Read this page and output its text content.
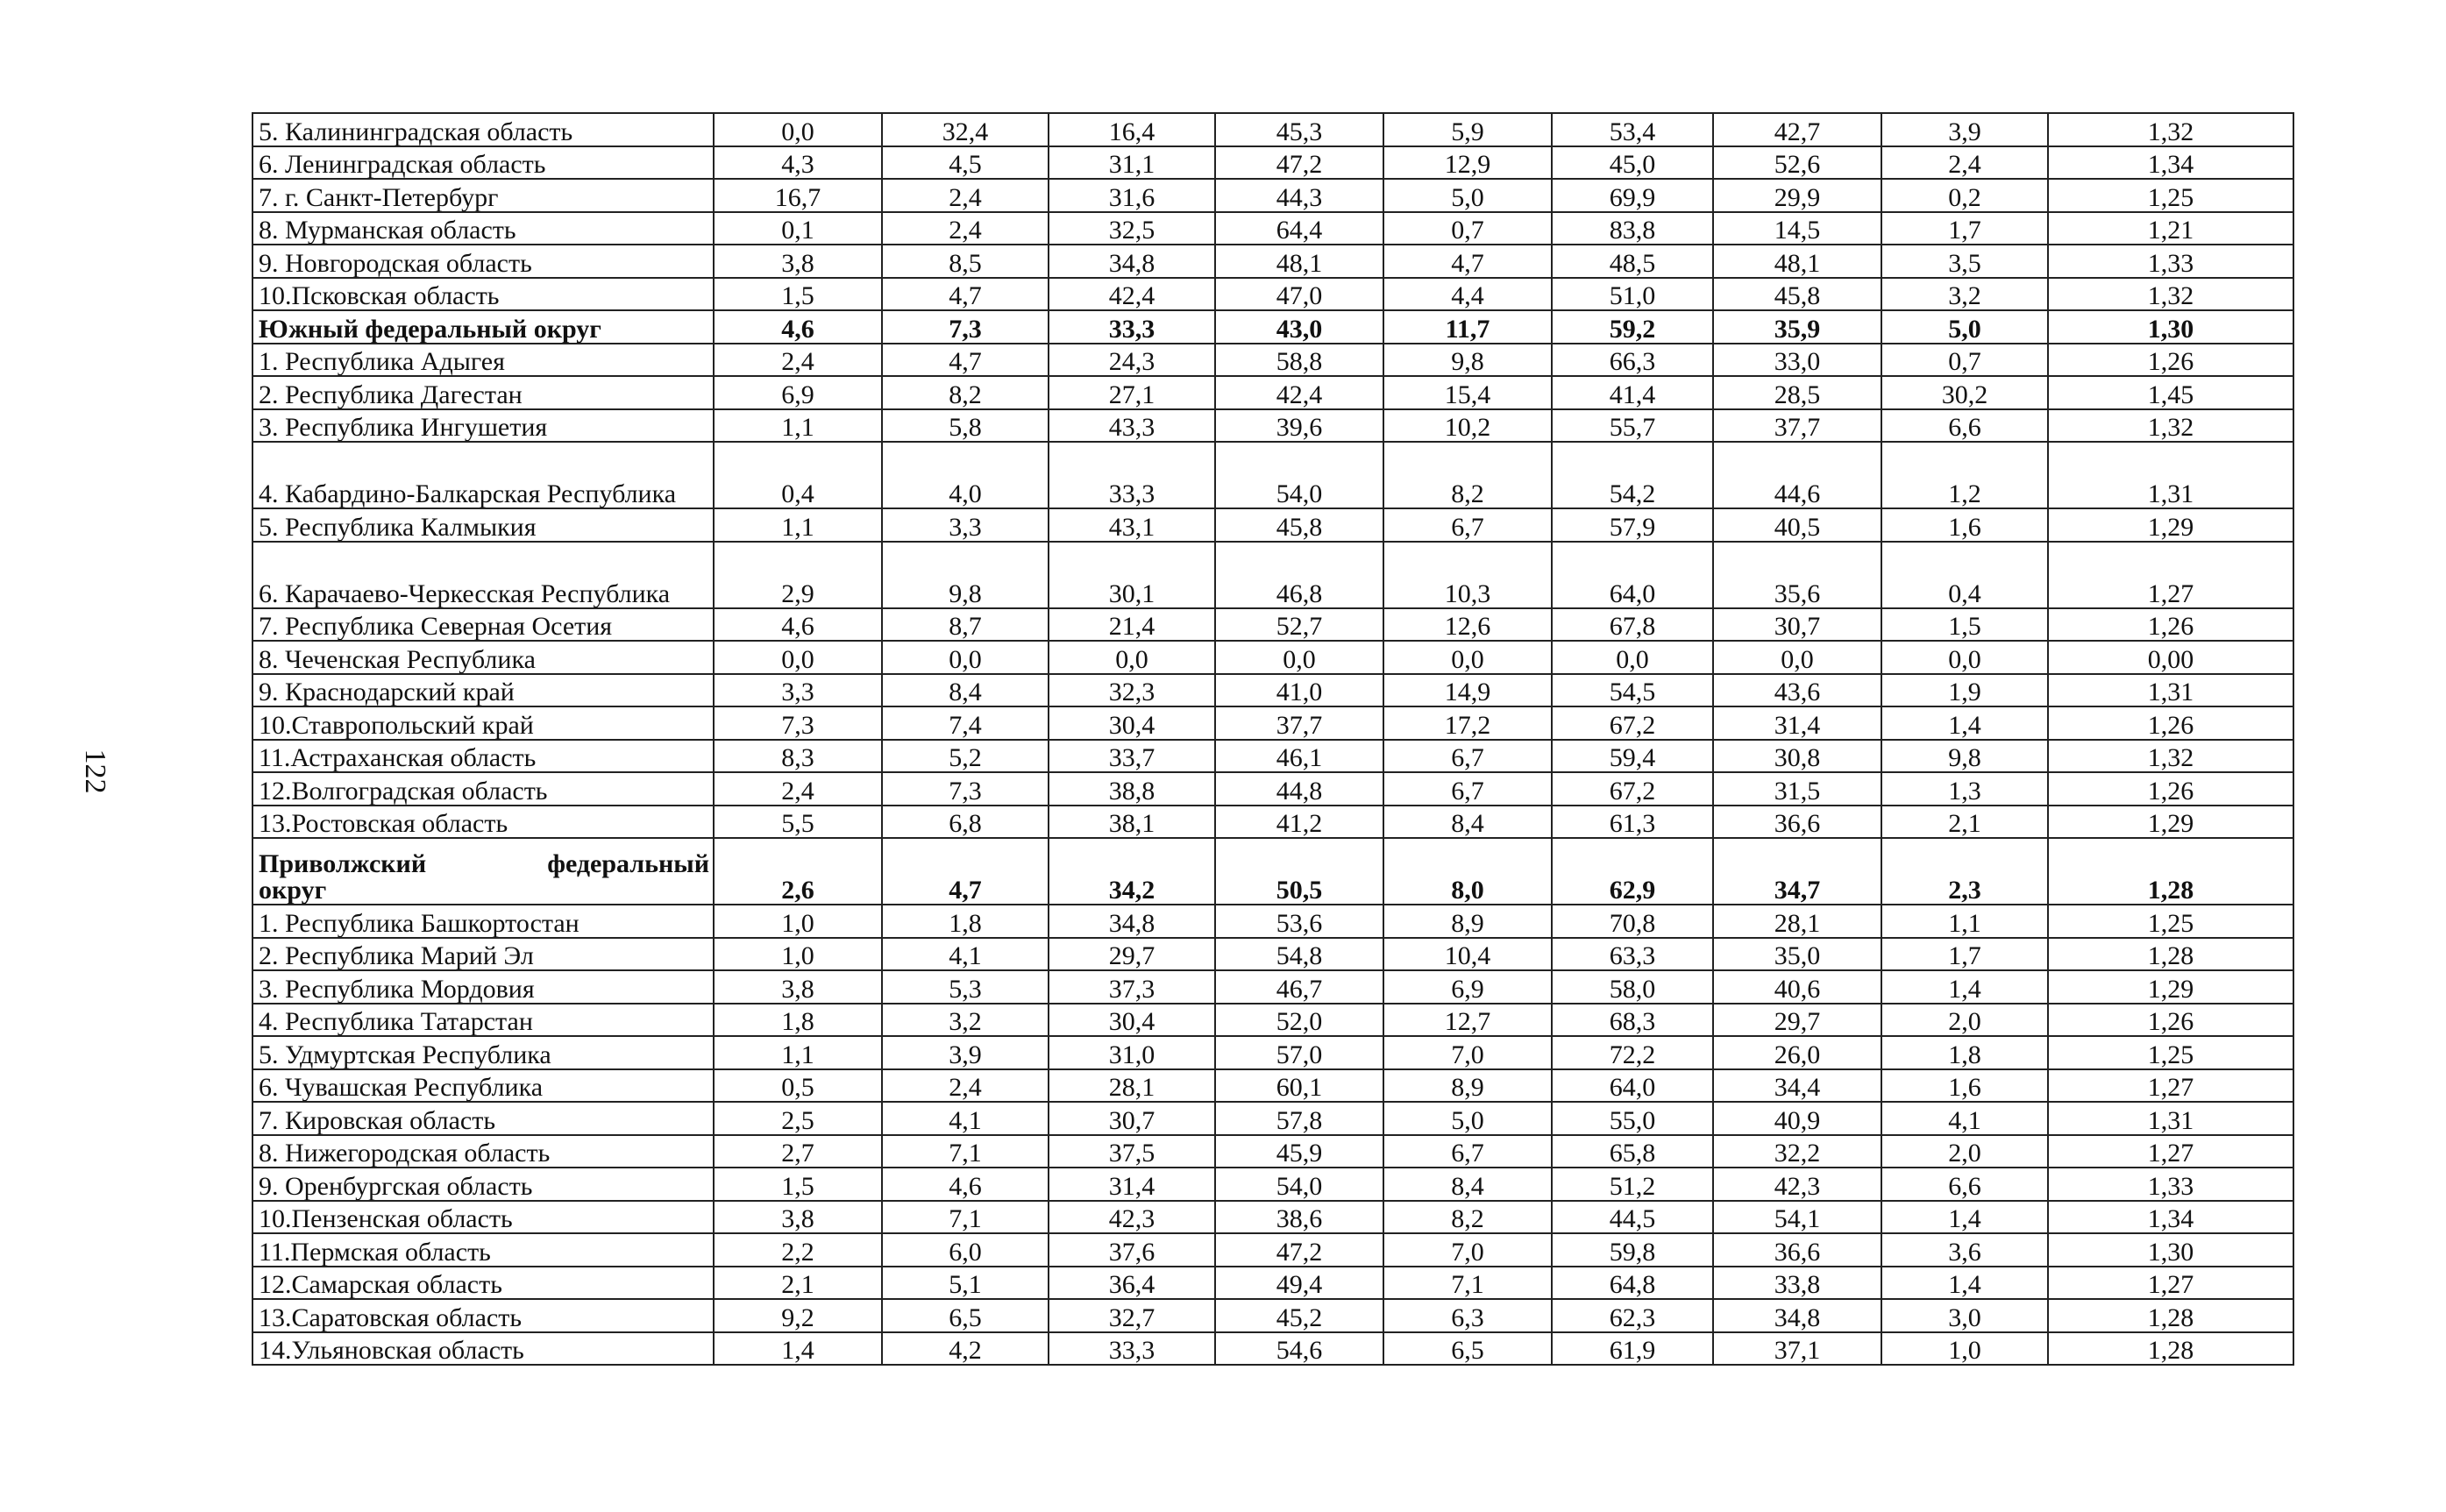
122
5. Калининградская область	0,0	32,4	16,4	45,3	5,9	53,4	42,7	3,9	1,32
6. Ленинградская область	4,3	4,5	31,1	47,2	12,9	45,0	52,6	2,4	1,34
7. г. Санкт-Петербург	16,7	2,4	31,6	44,3	5,0	69,9	29,9	0,2	1,25
8. Мурманская область	0,1	2,4	32,5	64,4	0,7	83,8	14,5	1,7	1,21
9. Новгородская область	3,8	8,5	34,8	48,1	4,7	48,5	48,1	3,5	1,33
10.Псковская область	1,5	4,7	42,4	47,0	4,4	51,0	45,8	3,2	1,32
Южный федеральный округ	4,6	7,3	33,3	43,0	11,7	59,2	35,9	5,0	1,30
1. Республика Адыгея	2,4	4,7	24,3	58,8	9,8	66,3	33,0	0,7	1,26
2. Республика Дагестан	6,9	8,2	27,1	42,4	15,4	41,4	28,5	30,2	1,45
3. Республика Ингушетия	1,1	5,8	43,3	39,6	10,2	55,7	37,7	6,6	1,32
4. Кабардино-Балкарская Республика	0,4	4,0	33,3	54,0	8,2	54,2	44,6	1,2	1,31
5. Республика Калмыкия	1,1	3,3	43,1	45,8	6,7	57,9	40,5	1,6	1,29
6. Карачаево-Черкесская Республика	2,9	9,8	30,1	46,8	10,3	64,0	35,6	0,4	1,27
7. Республика Северная Осетия	4,6	8,7	21,4	52,7	12,6	67,8	30,7	1,5	1,26
8. Чеченская Республика	0,0	0,0	0,0	0,0	0,0	0,0	0,0	0,0	0,00
9. Краснодарский край	3,3	8,4	32,3	41,0	14,9	54,5	43,6	1,9	1,31
10.Ставропольский край	7,3	7,4	30,4	37,7	17,2	67,2	31,4	1,4	1,26
11.Астраханская область	8,3	5,2	33,7	46,1	6,7	59,4	30,8	9,8	1,32
12.Волгоградская область	2,4	7,3	38,8	44,8	6,7	67,2	31,5	1,3	1,26
13.Ростовская область	5,5	6,8	38,1	41,2	8,4	61,3	36,6	2,1	1,29

Приволжский федеральный
округ	2,6	4,7	34,2	50,5	8,0	62,9	34,7	2,3	1,28
1. Республика Башкортостан	1,0	1,8	34,8	53,6	8,9	70,8	28,1	1,1	1,25
2. Республика Марий Эл	1,0	4,1	29,7	54,8	10,4	63,3	35,0	1,7	1,28
3. Республика Мордовия	3,8	5,3	37,3	46,7	6,9	58,0	40,6	1,4	1,29
4. Республика Татарстан	1,8	3,2	30,4	52,0	12,7	68,3	29,7	2,0	1,26
5. Удмуртская Республика	1,1	3,9	31,0	57,0	7,0	72,2	26,0	1,8	1,25
6. Чувашская Республика	0,5	2,4	28,1	60,1	8,9	64,0	34,4	1,6	1,27
7. Кировская область	2,5	4,1	30,7	57,8	5,0	55,0	40,9	4,1	1,31
8. Нижегородская область	2,7	7,1	37,5	45,9	6,7	65,8	32,2	2,0	1,27
9. Оренбургская область	1,5	4,6	31,4	54,0	8,4	51,2	42,3	6,6	1,33
10.Пензенская область	3,8	7,1	42,3	38,6	8,2	44,5	54,1	1,4	1,34
11.Пермская область	2,2	6,0	37,6	47,2	7,0	59,8	36,6	3,6	1,30
12.Самарская область	2,1	5,1	36,4	49,4	7,1	64,8	33,8	1,4	1,27
13.Саратовская область	9,2	6,5	32,7	45,2	6,3	62,3	34,8	3,0	1,28
14.Ульяновская область	1,4	4,2	33,3	54,6	6,5	61,9	37,1	1,0	1,28
